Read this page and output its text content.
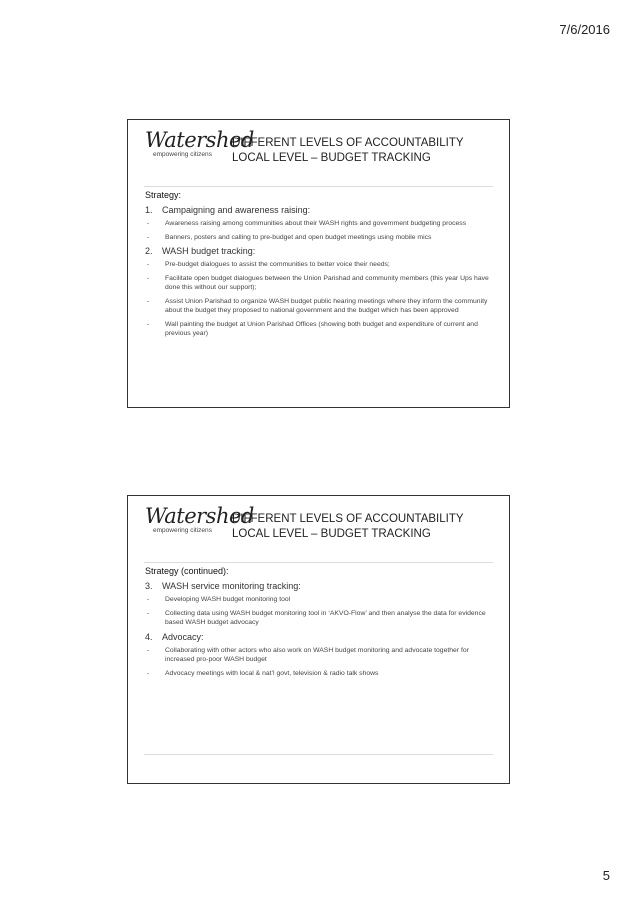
7/6/2016
Watershed
empowering citizens
DIFFERENT LEVELS OF ACCOUNTABILITY
LOCAL LEVEL – BUDGET TRACKING
Strategy:
1.	Campaigning and awareness raising:
-	Awareness raising among communities about their WASH rights and government budgeting process
-	Banners, posters and calling to pre-budget and open budget meetings using mobile mics
2.	WASH budget tracking:
-	Pre-budget dialogues to assist the communities to better voice their needs;
-	Facilitate open budget dialogues between the Union Parishad and community members (this year Ups have done this without our support);
-	Assist Union Parishad to organize WASH budget public hearing meetings where they inform the community about the budget they proposed to national government and the budget which has been approved
-	Wall painting the budget at Union Parishad Offices (showing both budget and expenditure of current and previous year)
Watershed
empowering citizens
DIFFERENT LEVELS OF ACCOUNTABILITY
LOCAL LEVEL – BUDGET TRACKING
Strategy (continued):
3.	WASH service monitoring tracking:
-	Developing WASH budget monitoring tool
-	Collecting data using WASH budget monitoring tool in ‘AKVO-Flow’ and then analyse the data for evidence based WASH budget advocacy
4.	Advocacy:
-	Collaborating with other actors who also work on WASH budget monitoring and advocate together for increased pro-poor WASH budget
-	Advocacy meetings with local & nat’l govt, television & radio talk shows
5
